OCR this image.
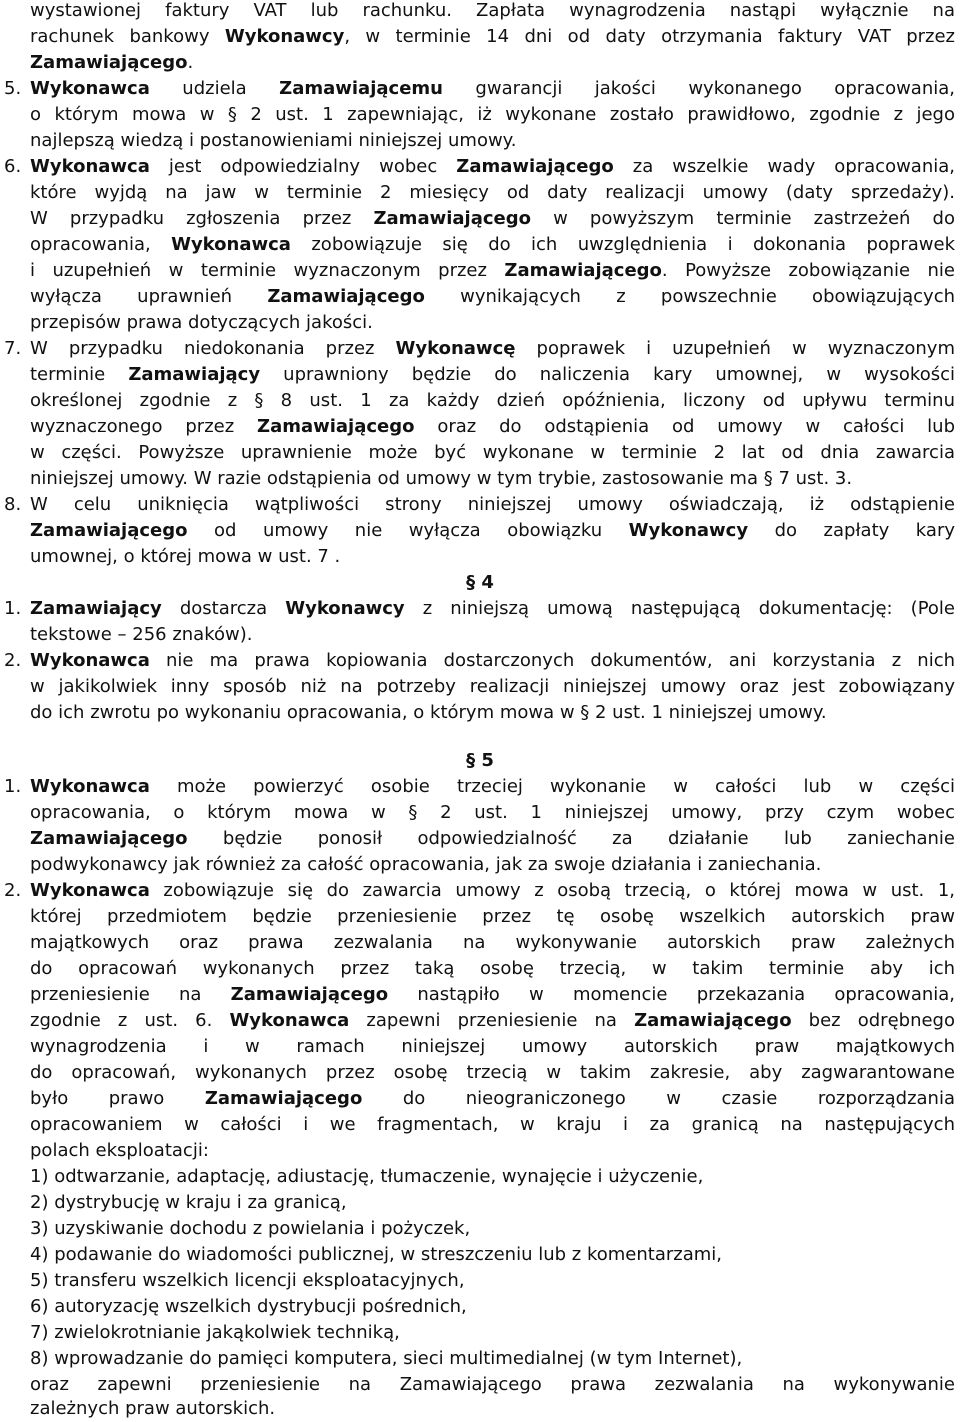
wystawionej faktury VAT lub rachunku. Zapłata wynagrodzenia nastąpi wyłącznie na
rachunek bankowy Wykonawcy, w terminie 14 dni od daty otrzymania faktury VAT przez
Zamawiającego.
5. Wykonawca udziela Zamawiającemu gwarancji jakości wykonanego opracowania,
o którym mowa w § 2 ust. 1 zapewniając, iż wykonane zostało prawidłowo, zgodnie z jego
najlepszą wiedzą i postanowieniami niniejszej umowy.
6. Wykonawca jest odpowiedzialny wobec Zamawiającego za wszelkie wady opracowania,
które wyjdą na jaw w terminie 2 miesięcy od daty realizacji umowy (daty sprzedaży).
W przypadku zgłoszenia przez Zamawiającego w powyższym terminie zastrzeżeń do
opracowania, Wykonawca zobowiązuje się do ich uwzględnienia i dokonania poprawek
i uzupełnień w terminie wyznaczonym przez Zamawiającego. Powyższe zobowiązanie nie
wyłącza uprawnień Zamawiającego wynikających z powszechnie obowiązujących
przepisów prawa dotyczących jakości.
7. W przypadku niedokonania przez Wykonawcę poprawek i uzupełnień w wyznaczonym
terminie Zamawiający uprawniony będzie do naliczenia kary umownej, w wysokości
określonej zgodnie z § 8 ust. 1 za każdy dzień opóźnienia, liczony od upływu terminu
wyznaczonego przez Zamawiającego oraz do odstąpienia od umowy w całości lub
w części. Powyższe uprawnienie może być wykonane w terminie 2 lat od dnia zawarcia
niniejszej umowy. W razie odstąpienia od umowy w tym trybie, zastosowanie ma § 7 ust. 3.
8. W celu uniknięcia wątpliwości strony niniejszej umowy oświadczają, iż odstąpienie
Zamawiającego od umowy nie wyłącza obowiązku Wykonawcy do zapłaty kary
umownej, o której mowa w ust. 7 .
§ 4
1. Zamawiający dostarcza Wykonawcy z niniejszą umową następującą dokumentację: (Pole
tekstowe – 256 znaków).
2. Wykonawca nie ma prawa kopiowania dostarczonych dokumentów, ani korzystania z nich
w jakikolwiek inny sposób niż na potrzeby realizacji niniejszej umowy oraz jest zobowiązany
do ich zwrotu po wykonaniu opracowania, o którym mowa w § 2 ust. 1 niniejszej umowy.
§ 5
1. Wykonawca może powierzyć osobie trzeciej wykonanie w całości lub w części
opracowania, o którym mowa w § 2 ust. 1 niniejszej umowy, przy czym wobec
Zamawiającego będzie ponosił odpowiedzialność za działanie lub zaniechanie
podwykonawcy jak również za całość opracowania, jak za swoje działania i zaniechania.
2. Wykonawca zobowiązuje się do zawarcia umowy z osobą trzecią, o której mowa w ust. 1,
której przedmiotem będzie przeniesienie przez tę osobę wszelkich autorskich praw
majątkowych oraz prawa zezwalania na wykonywanie autorskich praw zależnych
do opracowań wykonanych przez taką osobę trzecią, w takim terminie aby ich
przeniesienie na Zamawiającego nastąpiło w momencie przekazania opracowania,
zgodnie z ust. 6. Wykonawca zapewni przeniesienie na Zamawiającego bez odrębnego
wynagrodzenia i w ramach niniejszej umowy autorskich praw majątkowych
do opracowań, wykonanych przez osobę trzecią w takim zakresie, aby zagwarantowane
było prawo Zamawiającego do nieograniczonego w czasie rozporządzania
opracowaniem w całości i we fragmentach, w kraju i za granicą na następujących
polach eksploatacji:
1) odtwarzanie, adaptację, adiustację, tłumaczenie, wynajęcie i użyczenie,
2) dystrybucję w kraju i za granicą,
3) uzyskiwanie dochodu z powielania i pożyczek,
4) podawanie do wiadomości publicznej, w streszczeniu lub z komentarzami,
5) transferu wszelkich licencji eksploatacyjnych,
6) autoryzację wszelkich dystrybucji pośrednich,
7) zwielokrotnianie jakąkolwiek techniką,
8) wprowadzanie do pamięci komputera, sieci multimedialnej (w tym Internet),
oraz zapewni przeniesienie na Zamawiającego prawa zezwalania na wykonywanie
zależnych praw autorskich.
